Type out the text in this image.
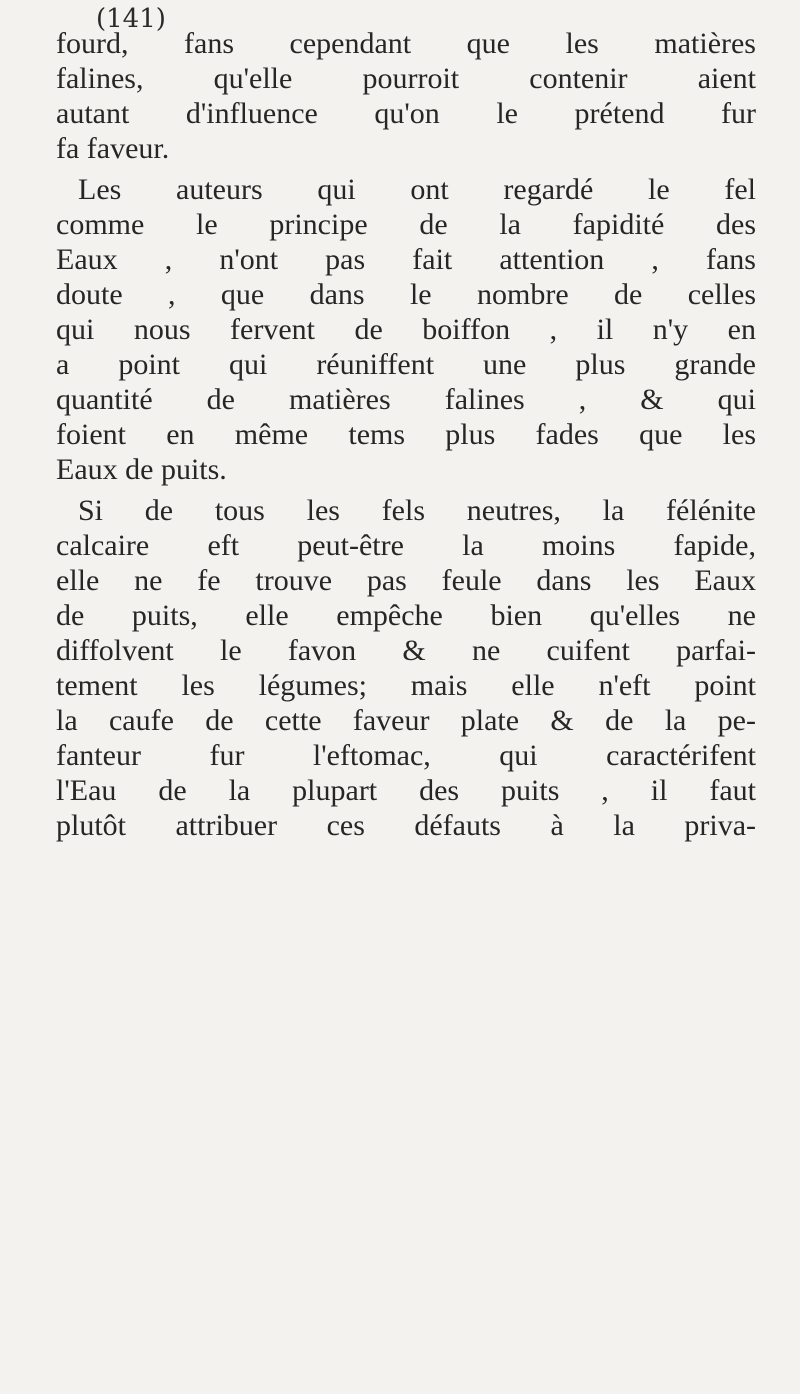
(141)
fourd, fans cependant que les matières
falines, qu'elle pourroit contenir aient
autant d'influence qu'on le prétend fur
fa faveur.
Les auteurs qui ont regardé le fel
comme le principe de la fapidité des
Eaux , n'ont pas fait attention , fans
doute , que dans le nombre de celles
qui nous fervent de boiffon , il n'y en
a point qui réuniffent une plus grande
quantité de matières falines , & qui
foient en même tems plus fades que les
Eaux de puits.
Si de tous les fels neutres, la félénite
calcaire eft peut-être la moins fapide,
elle ne fe trouve pas feule dans les Eaux
de puits, elle empêche bien qu'elles ne
diffolvent le favon & ne cuifent parfai-
tement les légumes; mais elle n'eft point
la caufe de cette faveur plate & de la pe-
fanteur fur l'eftomac, qui caractérifent
l'Eau de la plupart des puits , il faut
plutôt attribuer ces défauts à la priva-
